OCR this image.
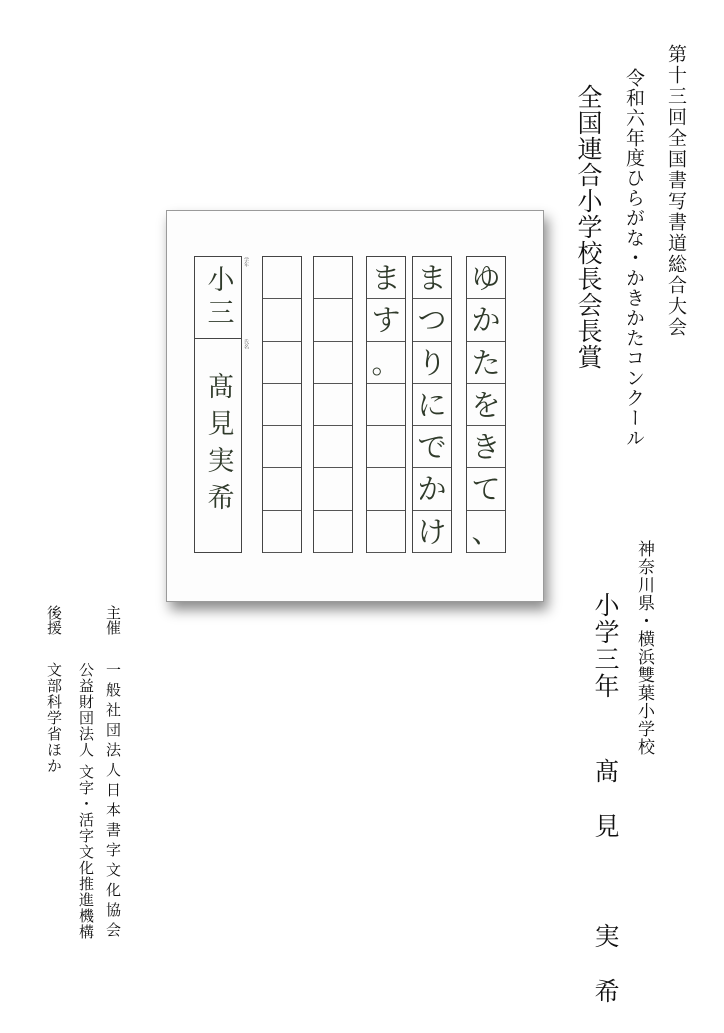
第十三回全国書写書道総合大会
令和六年度ひらがな・かきかたコンクール
全国連合小学校長会長賞
神奈川県・横浜雙葉小学校
小学三年
髙見　実希
主催
一般社団法人日本書字文化協会
公益財団法人 文字・活字文化推進機構
後援
文部科学省ほか
小三
髙見実希
学年
氏名
ゆ
か
た
を
き
て
、
ま
つ
り
に
で
か
け
ま
す
。
